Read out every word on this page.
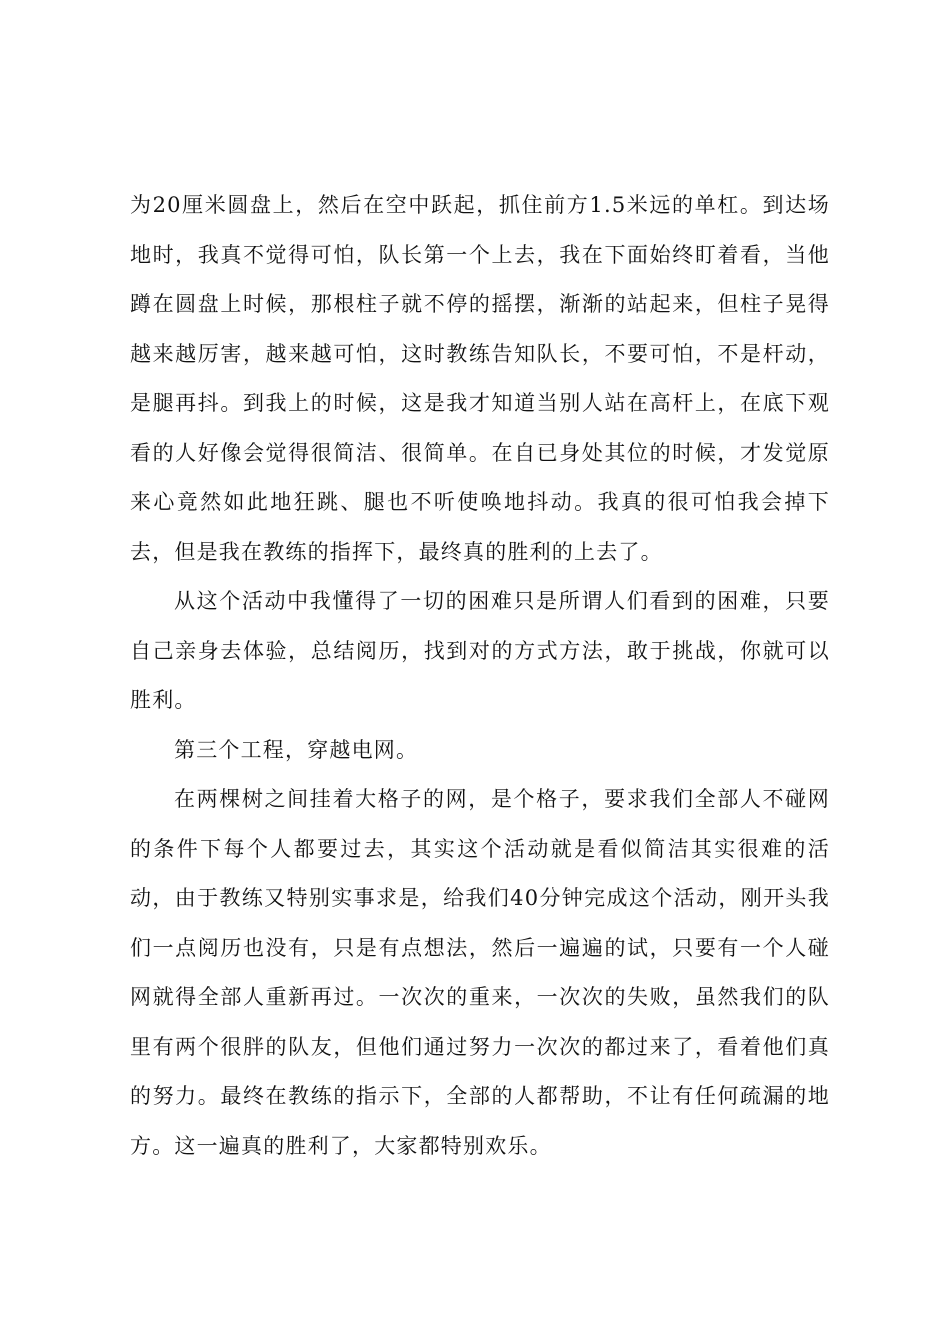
为20厘米圆盘上，然后在空中跃起，抓住前方1.5米远的单杠。到达场地时，我真不觉得可怕，队长第一个上去，我在下面始终盯着看，当他蹲在圆盘上时候，那根柱子就不停的摇摆，渐渐的站起来，但柱子晃得越来越厉害，越来越可怕，这时教练告知队长，不要可怕，不是杆动，是腿再抖。到我上的时候，这是我才知道当别人站在高杆上，在底下观看的人好像会觉得很简洁、很简单。在自已身处其位的时候，才发觉原来心竟然如此地狂跳、腿也不听使唤地抖动。我真的很可怕我会掉下去，但是我在教练的指挥下，最终真的胜利的上去了。

从这个活动中我懂得了一切的困难只是所谓人们看到的困难，只要自己亲身去体验，总结阅历，找到对的方式方法，敢于挑战，你就可以胜利。

第三个工程，穿越电网。

在两棵树之间挂着大格子的网，是个格子，要求我们全部人不碰网的条件下每个人都要过去，其实这个活动就是看似简洁其实很难的活动，由于教练又特别实事求是，给我们40分钟完成这个活动，刚开头我们一点阅历也没有，只是有点想法，然后一遍遍的试，只要有一个人碰网就得全部人重新再过。一次次的重来，一次次的失败，虽然我们的队里有两个很胖的队友，但他们通过努力一次次的都过来了，看着他们真的努力。最终在教练的指示下，全部的人都帮助，不让有任何疏漏的地方。这一遍真的胜利了，大家都特别欢乐。
